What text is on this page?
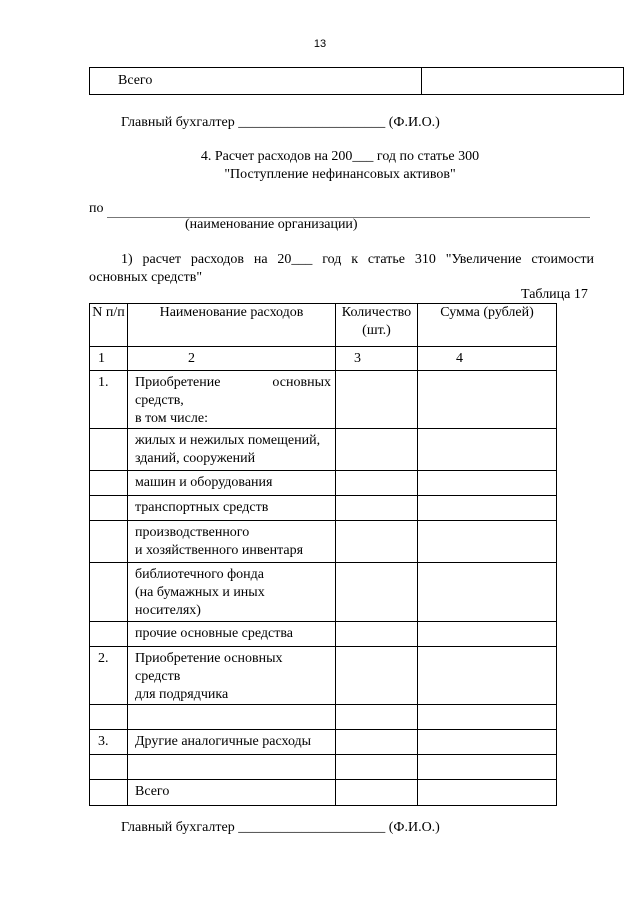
13
Всего	
Главный бухгалтер _____________________ (Ф.И.О.)
4. Расчет расходов на 200___ год по статье 300
"Поступление нефинансовых активов"
по
(наименование организации)
1) расчет расходов на 20___ год к статье 310 "Увеличение стоимости
основных средств"
Таблица 17
N п/п	Наименование расходов	Количество (шт.)	Сумма (рублей)
1	2	3	4
1.	Приобретение основных средств,
в том числе:		
	жилых и нежилых помещений,
зданий, сооружений		
	машин и оборудования		
	транспортных средств		
	производственного
и хозяйственного инвентаря		
	библиотечного фонда
(на бумажных и иных
носителях)		
	прочие основные средства		
2.	Приобретение основных средств
для подрядчика		

3.	Другие аналогичные расходы		

	Всего		
Главный бухгалтер _____________________ (Ф.И.О.)
